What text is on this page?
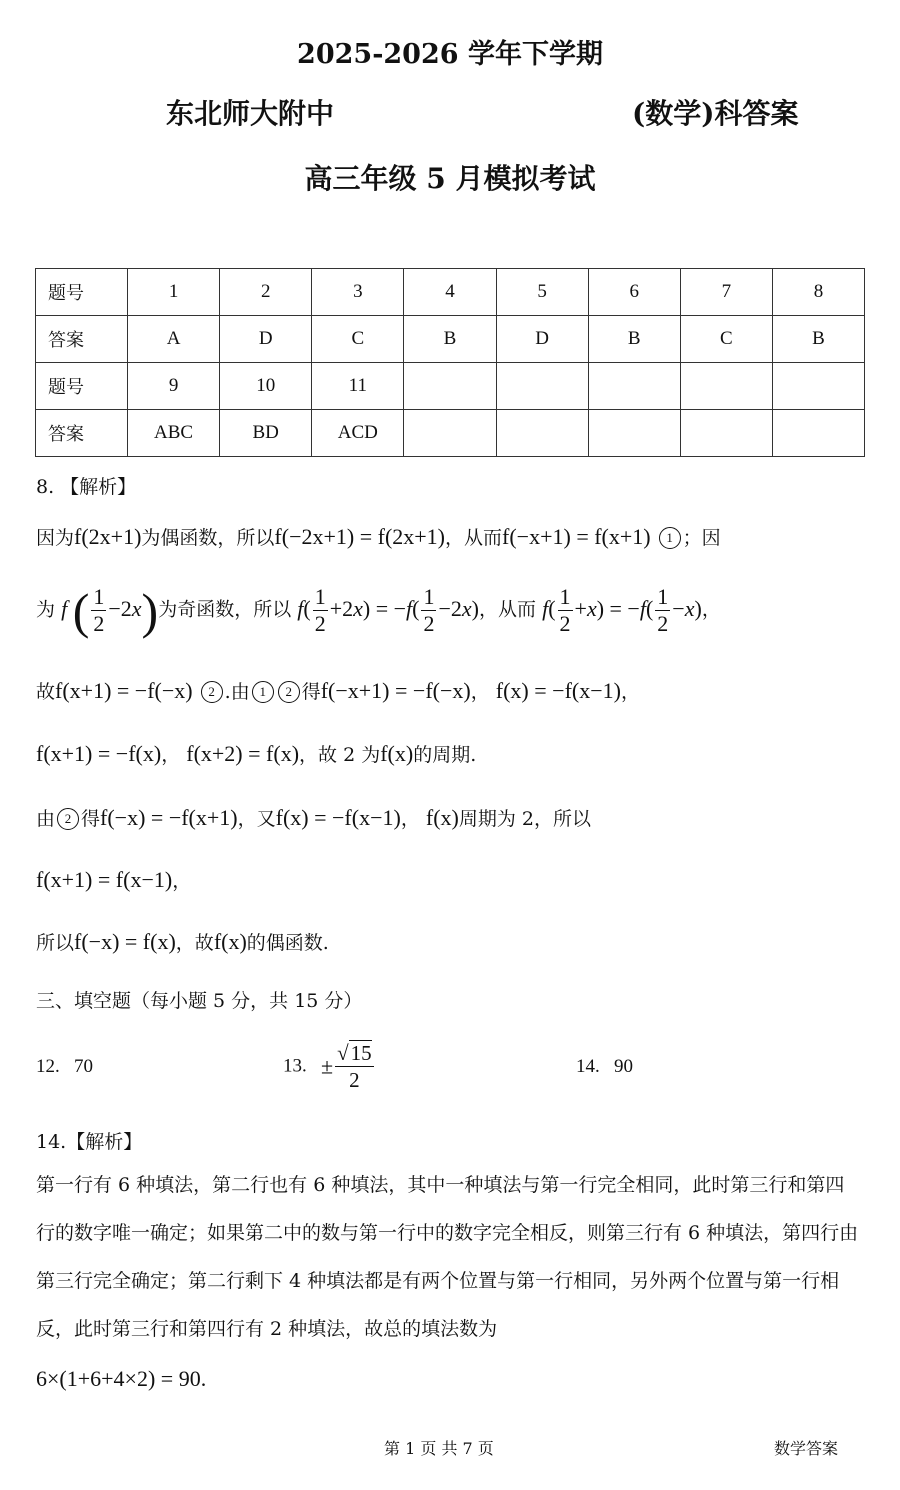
2025-2026 学年下学期
东北师大附中	(数学)科答案
高三年级 5 月模拟考试
题号	1	2	3	4	5	6	7	8
答案	A	D	C	B	D	B	C	B
题号	9	10	11					
答案	ABC	BD	ACD					
8. 【解析】
因为f(2x+1)为偶函数，所以f(−2x+1) = f(2x+1)，从而f(−x+1) = f(x+1) 1 ；因
为 f ( $\frac{1}{2} -2x$)为奇函数，所以 $f( \frac{1}{2} +2x) = -f( \frac{1}{2} -2x)$，从而 $f( \frac{1}{2} +x) = -f( \frac{1}{2} -x)$，
故f(x+1) = −f(−x) 2 .由 1 2 得f(−x+1) = −f(−x)， f(x) = −f(x−1)，
f(x+1) = −f(x)， f(x+2) = f(x)，故 2 为f(x)的周期.
由 2 得f(−x) = −f(x+1)，又f(x) = −f(x−1)， f(x)周期为 2，所以
f(x+1) = f(x−1)，
所以f(−x) = f(x)，故f(x)的偶函数.
三、填空题（每小题 5 分，共 15 分）
12. 70	13. ± $\frac{√15}{2}$	14. 90
14.【解析】
第一行有 6 种填法，第二行也有 6 种填法，其中一种填法与第一行完全相同，此时第三行和第四行的数字唯一确定；如果第二中的数与第一行中的数字完全相反，则第三行有 6 种填法，第四行由第三行完全确定；第二行剩下 4 种填法都是有两个位置与第一行相同，另外两个位置与第一行相反，此时第三行和第四行有 2 种填法，故总的填法数为
6×(1+6+4×2) = 90.
第 1 页 共 7 页	数学答案
